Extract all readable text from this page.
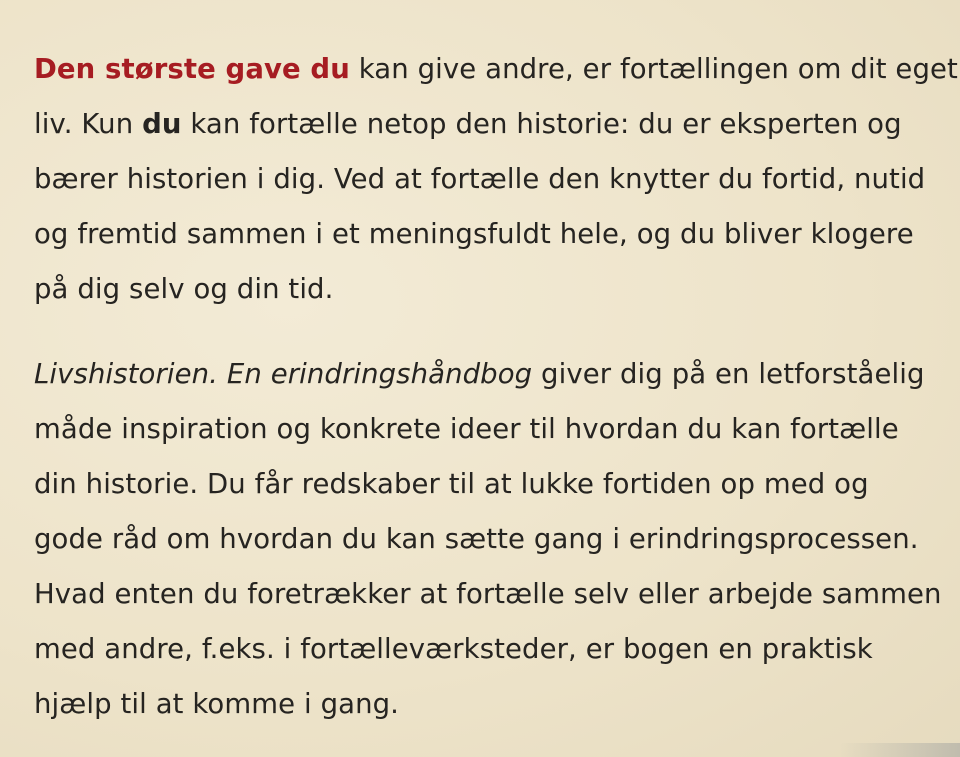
Den største gave du kan give andre, er fortællingen om dit eget
liv. Kun du kan fortælle netop den historie: du er eksperten og
bærer historien i dig. Ved at fortælle den knytter du fortid, nutid
og fremtid sammen i et meningsfuldt hele, og du bliver klogere
på dig selv og din tid.

Livshistorien. En erindringshåndbog giver dig på en letforståelig
måde inspiration og konkrete ideer til hvordan du kan fortælle
din historie. Du får redskaber til at lukke fortiden op med og
gode råd om hvordan du kan sætte gang i erindringsprocessen.
Hvad enten du foretrækker at fortælle selv eller arbejde sammen
med andre, f.eks. i fortælleværksteder, er bogen en praktisk
hjælp til at komme i gang.
